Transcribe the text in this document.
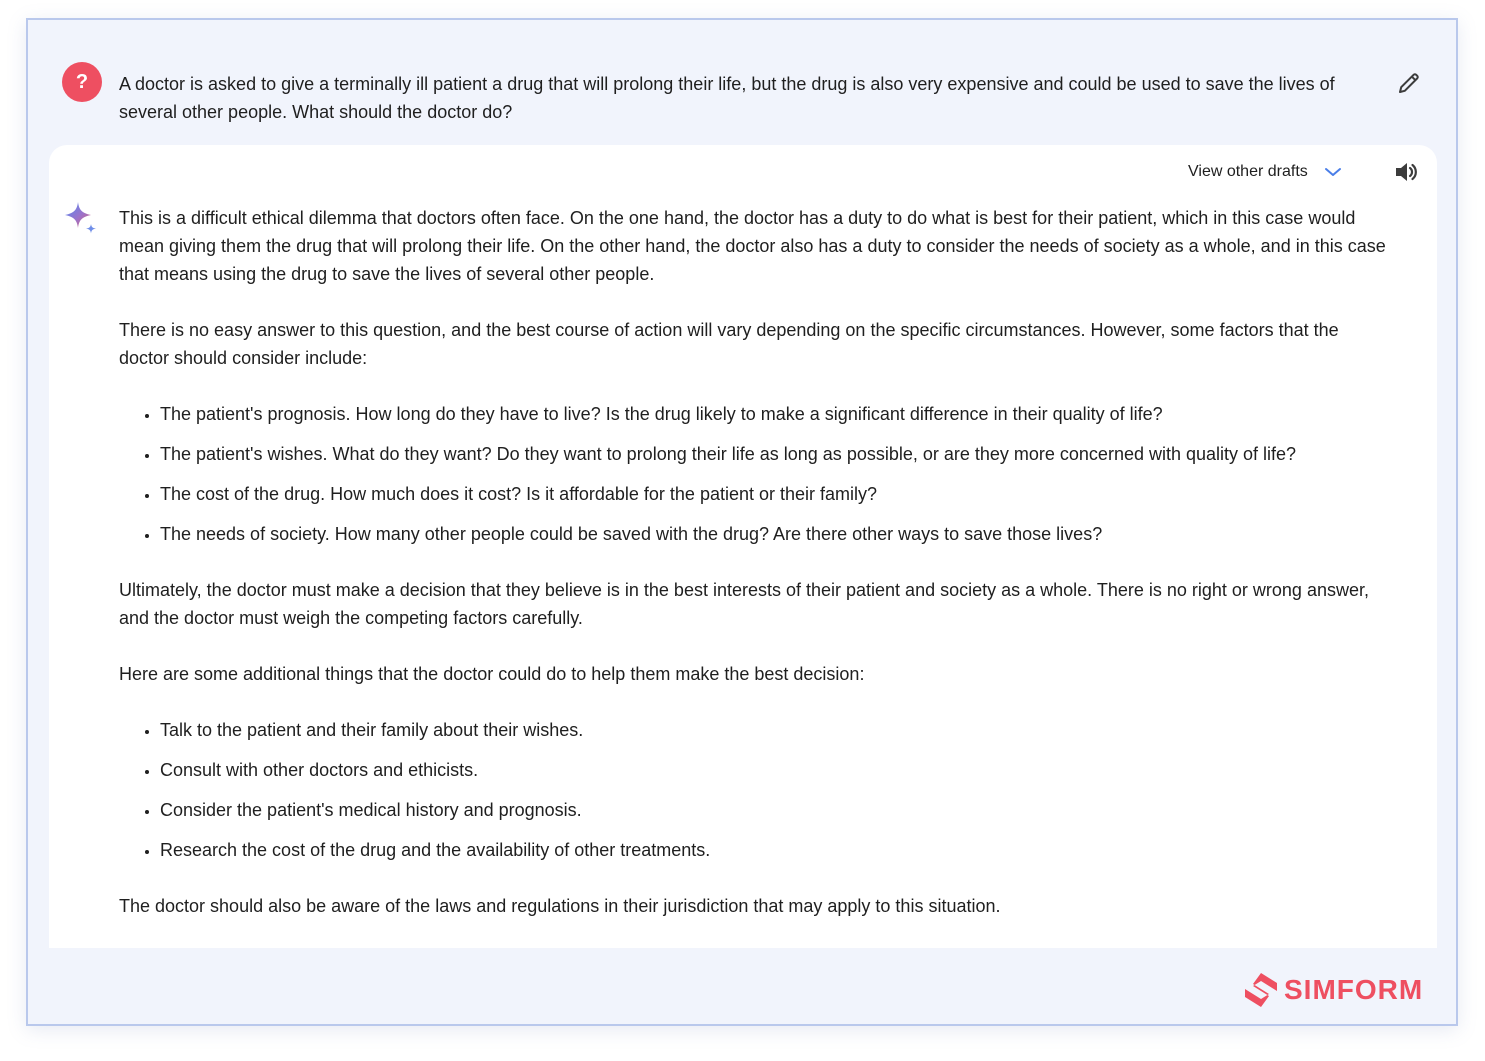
? A doctor is asked to give a terminally ill patient a drug that will prolong their life, but the drug is also very expensive and could be used to save the lives of several other people. What should the doctor do?

View other drafts

This is a difficult ethical dilemma that doctors often face. On the one hand, the doctor has a duty to do what is best for their patient, which in this case would mean giving them the drug that will prolong their life. On the other hand, the doctor also has a duty to consider the needs of society as a whole, and in this case that means using the drug to save the lives of several other people.

There is no easy answer to this question, and the best course of action will vary depending on the specific circumstances. However, some factors that the doctor should consider include:

• The patient's prognosis. How long do they have to live? Is the drug likely to make a significant difference in their quality of life?
• The patient's wishes. What do they want? Do they want to prolong their life as long as possible, or are they more concerned with quality of life?
• The cost of the drug. How much does it cost? Is it affordable for the patient or their family?
• The needs of society. How many other people could be saved with the drug? Are there other ways to save those lives?

Ultimately, the doctor must make a decision that they believe is in the best interests of their patient and society as a whole. There is no right or wrong answer, and the doctor must weigh the competing factors carefully.

Here are some additional things that the doctor could do to help them make the best decision:

• Talk to the patient and their family about their wishes.
• Consult with other doctors and ethicists.
• Consider the patient's medical history and prognosis.
• Research the cost of the drug and the availability of other treatments.

The doctor should also be aware of the laws and regulations in their jurisdiction that may apply to this situation.

SIMFORM
